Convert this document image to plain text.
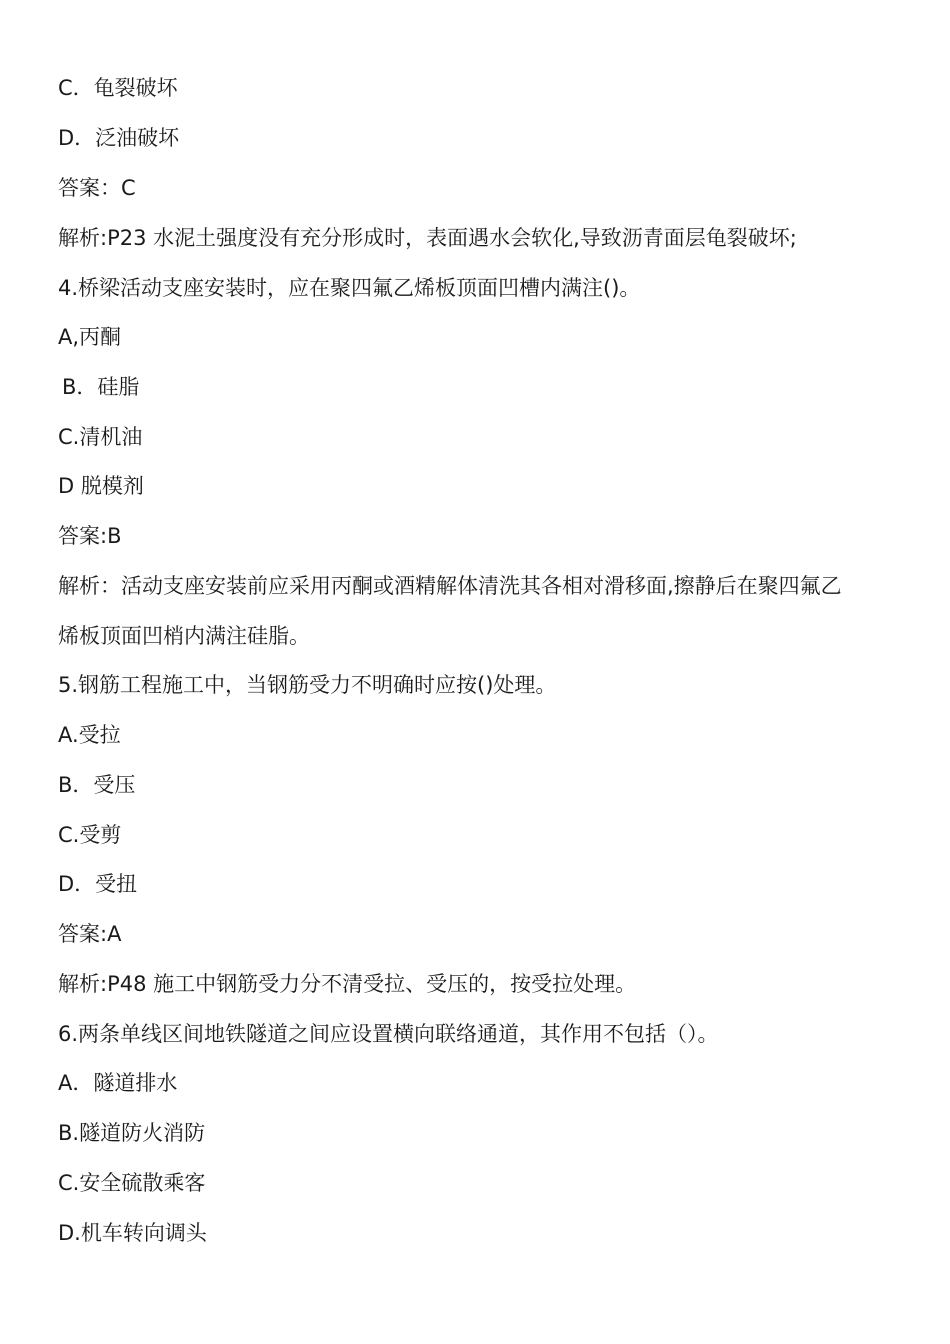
C．龟裂破坏
D．泛油破坏
答案：C
解析:P23 水泥土强度没有充分形成时，表面遇水会软化,导致沥青面层龟裂破坏;
4.桥梁活动支座安装时，应在聚四氟乙烯板顶面凹槽内满注()。
A,丙酮
B．硅脂
C.清机油
D 脱模剂
答案:B
解析：活动支座安装前应采用丙酮或酒精解体清洗其各相对滑移面,擦静后在聚四氟乙
烯板顶面凹梢内满注硅脂。
5.钢筋工程施工中，当钢筋受力不明确时应按()处理。
A.受拉
B．受压
C.受剪
D．受扭
答案:A
解析:P48 施工中钢筋受力分不清受拉、受压的，按受拉处理。
6.两条单线区间地铁隧道之间应设置横向联络通道，其作用不包括（）。
A．隧道排水
B.隧道防火消防
C.安全硫散乘客
D.机车转向调头
